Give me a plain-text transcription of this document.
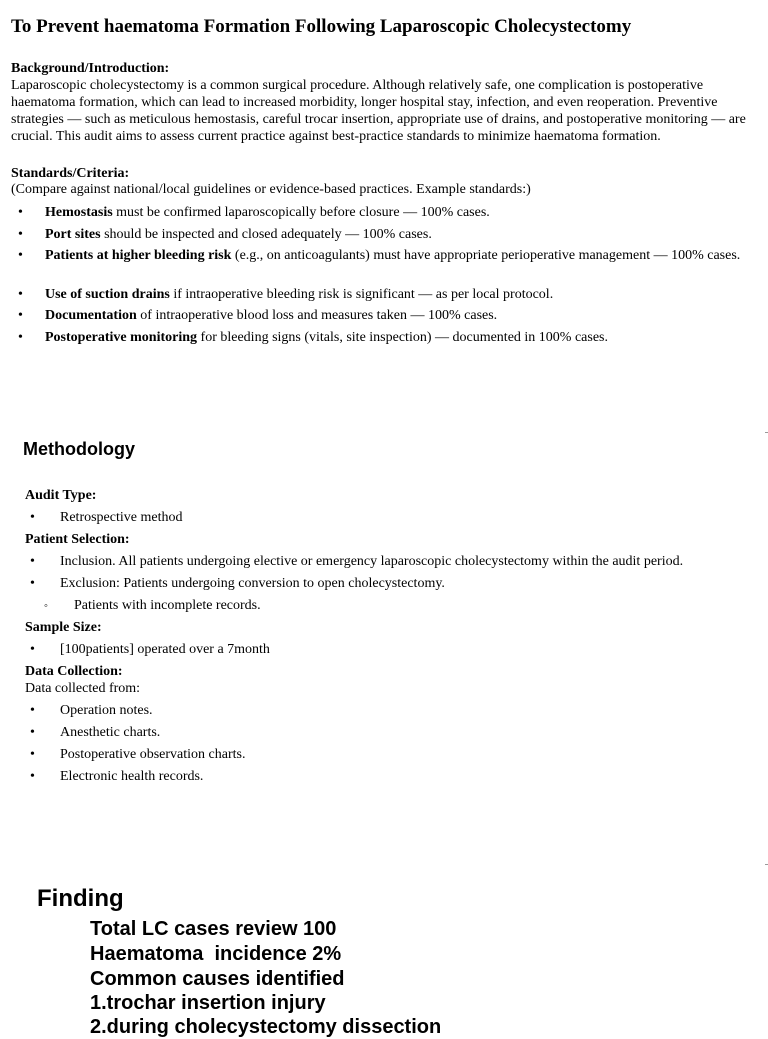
To Prevent haematoma Formation Following Laparoscopic Cholecystectomy
Background/Introduction:
Laparoscopic cholecystectomy is a common surgical procedure. Although relatively safe, one complication is postoperative haematoma formation, which can lead to increased morbidity, longer hospital stay, infection, and even reoperation. Preventive strategies — such as meticulous hemostasis, careful trocar insertion, appropriate use of drains, and postoperative monitoring — are crucial. This audit aims to assess current practice against best-practice standards to minimize haematoma formation.
Standards/Criteria:
(Compare against national/local guidelines or evidence-based practices. Example standards:)
• Hemostasis must be confirmed laparoscopically before closure — 100% cases.
• Port sites should be inspected and closed adequately — 100% cases.
• Patients at higher bleeding risk (e.g., on anticoagulants) must have appropriate perioperative management — 100% cases.
• Use of suction drains if intraoperative bleeding risk is significant — as per local protocol.
• Documentation of intraoperative blood loss and measures taken — 100% cases.
• Postoperative monitoring for bleeding signs (vitals, site inspection) — documented in 100% cases.
Methodology
Audit Type:
• Retrospective method
Patient Selection:
• Inclusion. All patients undergoing elective or emergency laparoscopic cholecystectomy within the audit period.
• Exclusion: Patients undergoing conversion to open cholecystectomy.
◦ Patients with incomplete records.
Sample Size:
• [100patients] operated over a 7month
Data Collection:
Data collected from:
• Operation notes.
• Anesthetic charts.
• Postoperative observation charts.
• Electronic health records.
Finding
Total LC cases review 100
Haematoma  incidence 2%
Common causes identified
1.trochar insertion injury
2.during cholecystectomy dissection
